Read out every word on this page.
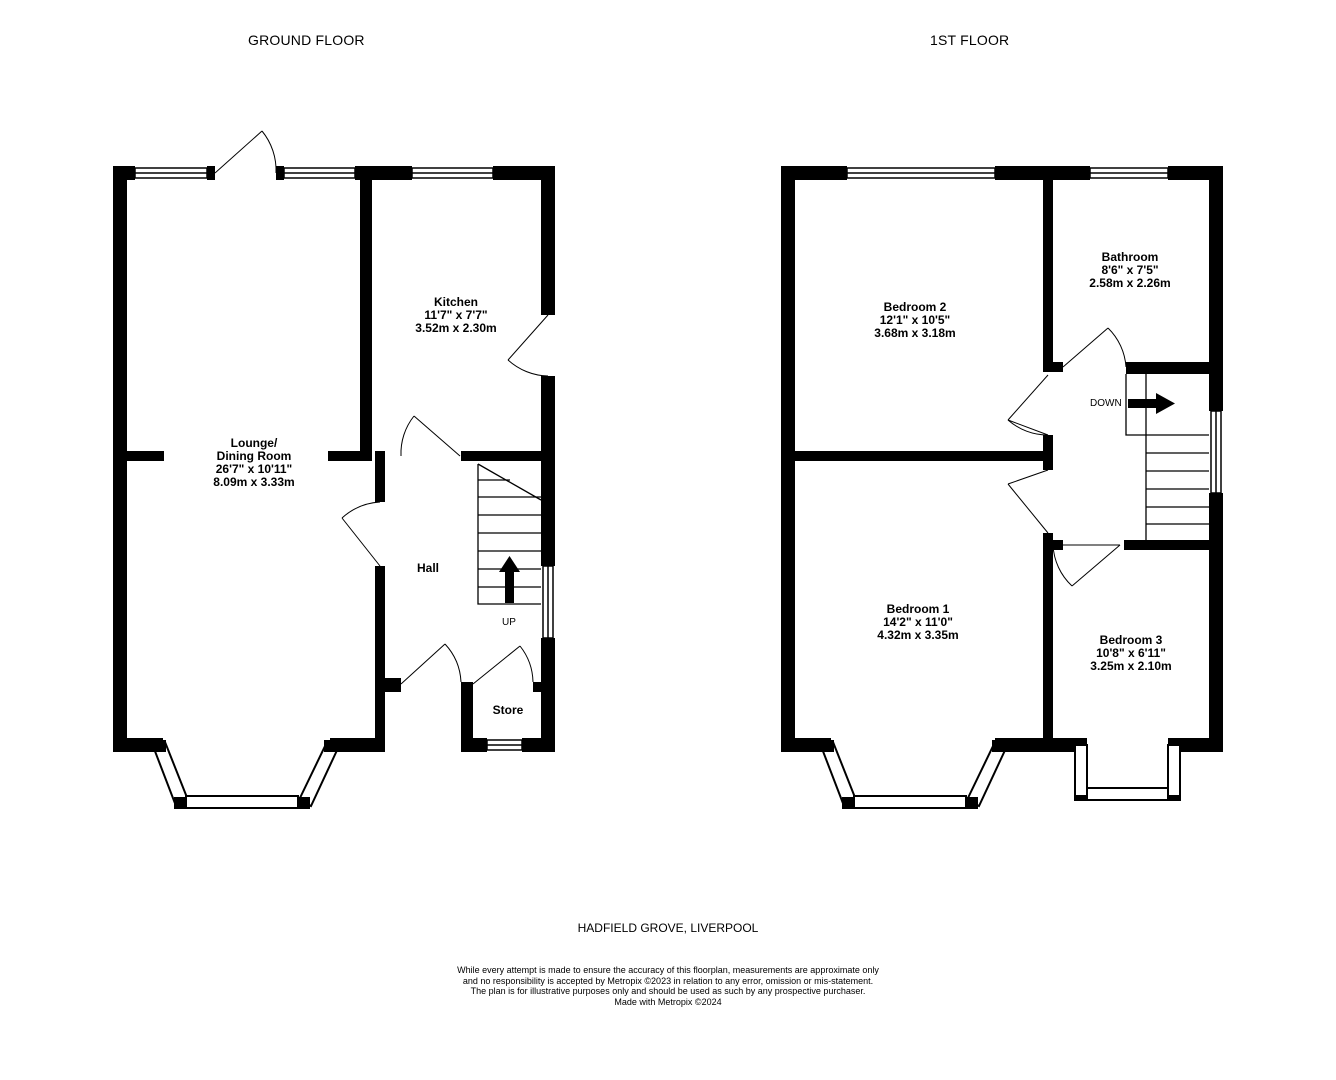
GROUND FLOOR	1ST FLOOR
Lounge/
Dining Room
26'7" x 10'11"
8.09m x 3.33m
Kitchen
11'7" x 7'7"
3.52m x 2.30m
Hall
Store
UP
DOWN
Bedroom 2
12'1" x 10'5"
3.68m x 3.18m
Bathroom
8'6" x 7'5"
2.58m x 2.26m
Bedroom 1
14'2" x 11'0"
4.32m x 3.35m	Bedroom 3
10'8" x 6'11"
3.25m x 2.10m
HADFIELD GROVE, LIVERPOOL
While every attempt is made to ensure the accuracy of this floorplan, measurements are approximate only
and no responsibility is accepted by Metropix ©2023 in relation to any error, omission or mis-statement.
The plan is for illustrative purposes only and should be used as such by any prospective purchaser.
Made with Metropix ©2024
